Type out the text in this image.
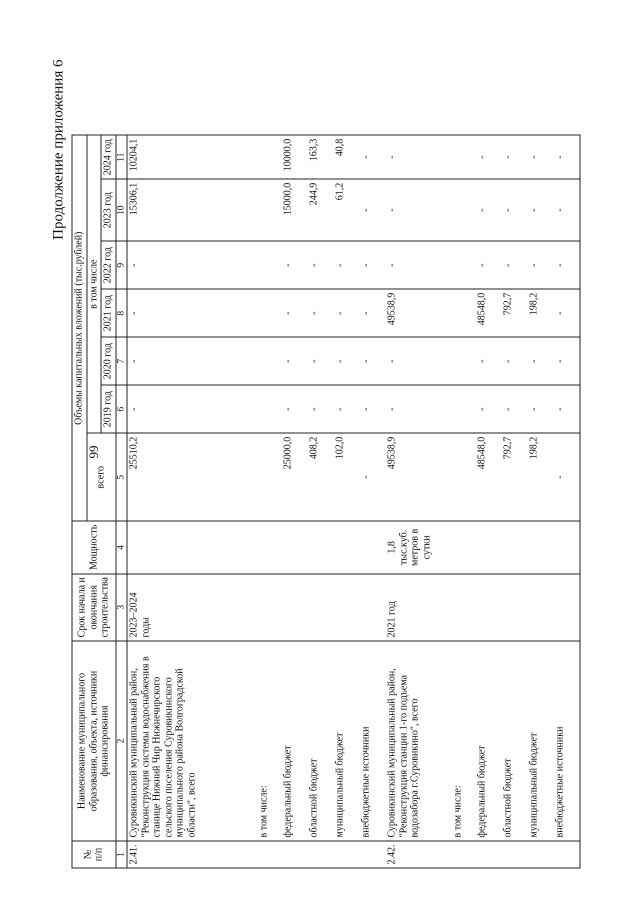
99
Продолжение приложения 6
№ п/п	Наименование муниципального образования, объекта, источники финансирования	Срок начала и окончания строительства	Мощность	Объемы капитальных вложений (тыс.рублей)						
				всего	в том числе					
					2019 год	2020 год	2021 год	2022 год	2023 год	2024 год
1	2	3	4	5	6	7	8	9	10	11
2.41.	Суровикинский муниципальный район, "Реконструкция системы водоснабжения в станице Нижний Чир Нижнечирского сельского поселения Суровикинского муниципального района Волгоградской области", всего	2023–2024 годы		25510,2	-	-	-	-	15306,1	10204,1
	в том числе:									
	федеральный бюджет			25000,0	-	-	-	-	15000,0	10000,0
	областной бюджет			408,2	-	-	-	-	244,9	163,3
	муниципальный бюджет			102,0	-	-	-	-	61,2	40,8
	внебюджетные источники			-	-	-	-	-	-	-
2.42.	Суровикинский муниципальный район, "Реконструкция станции 1-го подъема водозабора г.Суровикино", всего	2021 год	1,8 тыс.куб. метров в сутки	49538,9	-	-	49538,9	-	-	-
	в том числе:									
	федеральный бюджет			48548,0	-	-	48548,0	-	-	-
	областной бюджет			792,7	-	-	792,7	-	-	-
	муниципальный бюджет			198,2	-	-	198,2	-	-	-
	внебюджетные источники			-	-	-	-	-	-	-
